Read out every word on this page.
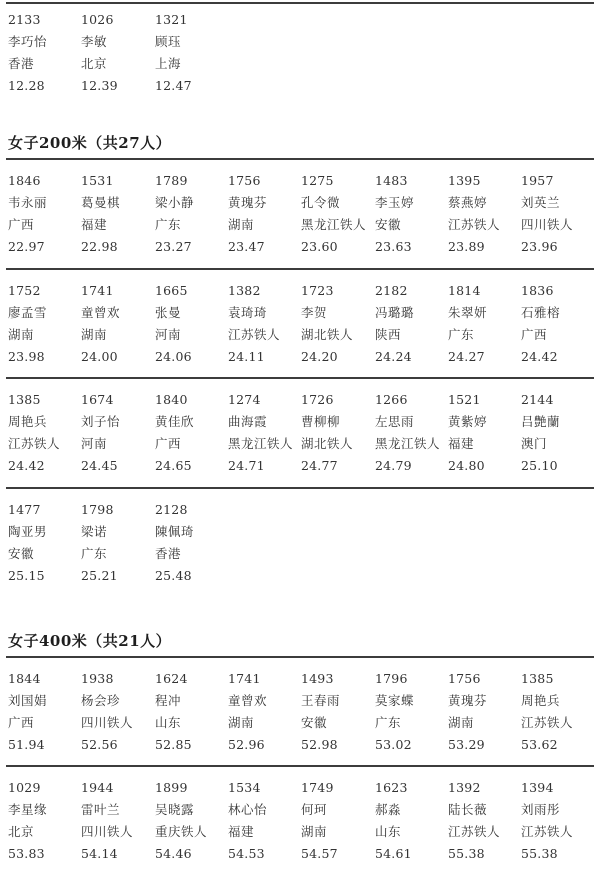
2133
李巧怡
香港
12.28
1026
李敏
北京
12.39
1321
顾珏
上海
12.47
女子200米（共27人）
1846
韦永丽
广西
22.97
1531
葛曼棋
福建
22.98
1789
梁小静
广东
23.27
1756
黄瑰芬
湖南
23.47
1275
孔令微
黑龙江铁人
23.60
1483
李玉婷
安徽
23.63
1395
蔡燕婷
江苏铁人
23.89
1957
刘英兰
四川铁人
23.96
1752
廖孟雪
湖南
23.98
1741
童曾欢
湖南
24.00
1665
张曼
河南
24.06
1382
袁琦琦
江苏铁人
24.11
1723
李贺
湖北铁人
24.20
2182
冯璐璐
陕西
24.24
1814
朱翠妍
广东
24.27
1836
石雅榕
广西
24.42
1385
周艳兵
江苏铁人
24.42
1674
刘子怡
河南
24.45
1840
黄佳欣
广西
24.65
1274
曲海霞
黑龙江铁人
24.71
1726
曹柳柳
湖北铁人
24.77
1266
左思雨
黑龙江铁人
24.79
1521
黄紫婷
福建
24.80
2144
吕艶蘭
澳门
25.10
1477
陶亚男
安徽
25.15
1798
梁诺
广东
25.21
2128
陳佩琦
香港
25.48
女子400米（共21人）
1844
刘国娟
广西
51.94
1938
杨会珍
四川铁人
52.56
1624
程冲
山东
52.85
1741
童曾欢
湖南
52.96
1493
王春雨
安徽
52.98
1796
莫家蝶
广东
53.02
1756
黄瑰芬
湖南
53.29
1385
周艳兵
江苏铁人
53.62
1029
李星缘
北京
53.83
1944
雷叶兰
四川铁人
54.14
1899
吴晓露
重庆铁人
54.46
1534
林心怡
福建
54.53
1749
何珂
湖南
54.57
1623
郝淼
山东
54.61
1392
陆长薇
江苏铁人
55.38
1394
刘雨彤
江苏铁人
55.38
